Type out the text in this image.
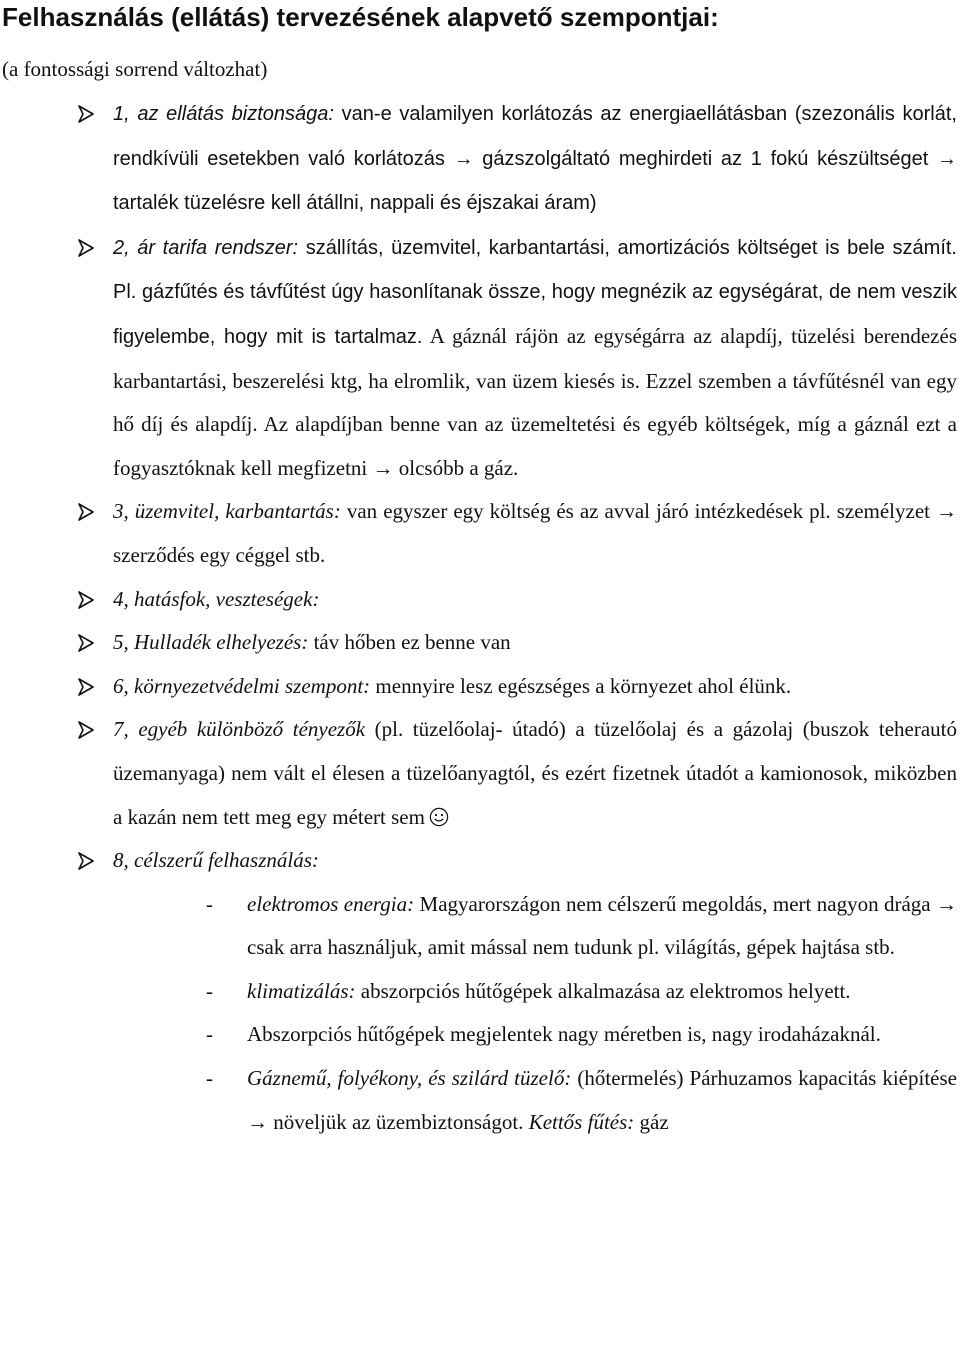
Felhasználás (ellátás) tervezésének alapvető szempontjai:
(a fontossági sorrend változhat)

1, az ellátás biztonsága: van-e valamilyen korlátozás az energiaellátásban (szezonális korlát, rendkívüli esetekben való korlátozás → gázszolgáltató meghirdeti az 1 fokú készültséget → tartalék tüzelésre kell átállni, nappali és éjszakai áram)

2, ár tarifa rendszer: szállítás, üzemvitel, karbantartási, amortizációs költséget is bele számít. Pl. gázfűtés és távfűtést úgy hasonlítanak össze, hogy megnézik az egységárat, de nem veszik figyelembe, hogy mit is tartalmaz. A gáznál rájön az egységárra az alapdíj, tüzelési berendezés karbantartási, beszerelési ktg, ha elromlik, van üzem kiesés is. Ezzel szemben a távfűtésnél van egy hő díj és alapdíj. Az alapdíjban benne van az üzemeltetési és egyéb költségek, míg a gáznál ezt a fogyasztóknak kell megfizetni → olcsóbb a gáz.

3, üzemvitel, karbantartás: van egyszer egy költség és az avval járó intézkedések pl. személyzet → szerződés egy céggel stb.

4, hatásfok, veszteségek:

5, Hulladék elhelyezés: táv hőben ez benne van

6, környezetvédelmi szempont: mennyire lesz egészséges a környezet ahol élünk.

7, egyéb különböző tényezők (pl. tüzelőolaj- útadó) a tüzelőolaj és a gázolaj (buszok teherautó üzemanyaga) nem vált el élesen a tüzelőanyagtól, és ezért fizetnek útadót a kamionosok, miközben a kazán nem tett meg egy métert sem

8, célszerű felhasználás:

- elektromos energia: Magyarországon nem célszerű megoldás, mert nagyon drága → csak arra használjuk, amit mással nem tudunk pl. világítás, gépek hajtása stb.

- klimatizálás: abszorpciós hűtőgépek alkalmazása az elektromos helyett.

- Abszorpciós hűtőgépek megjelentek nagy méretben is, nagy irodaházaknál.

- Gáznemű, folyékony, és szilárd tüzelő: (hőtermelés) Párhuzamos kapacitás kiépítése → növeljük az üzembiztonságot. Kettős fűtés: gáz
